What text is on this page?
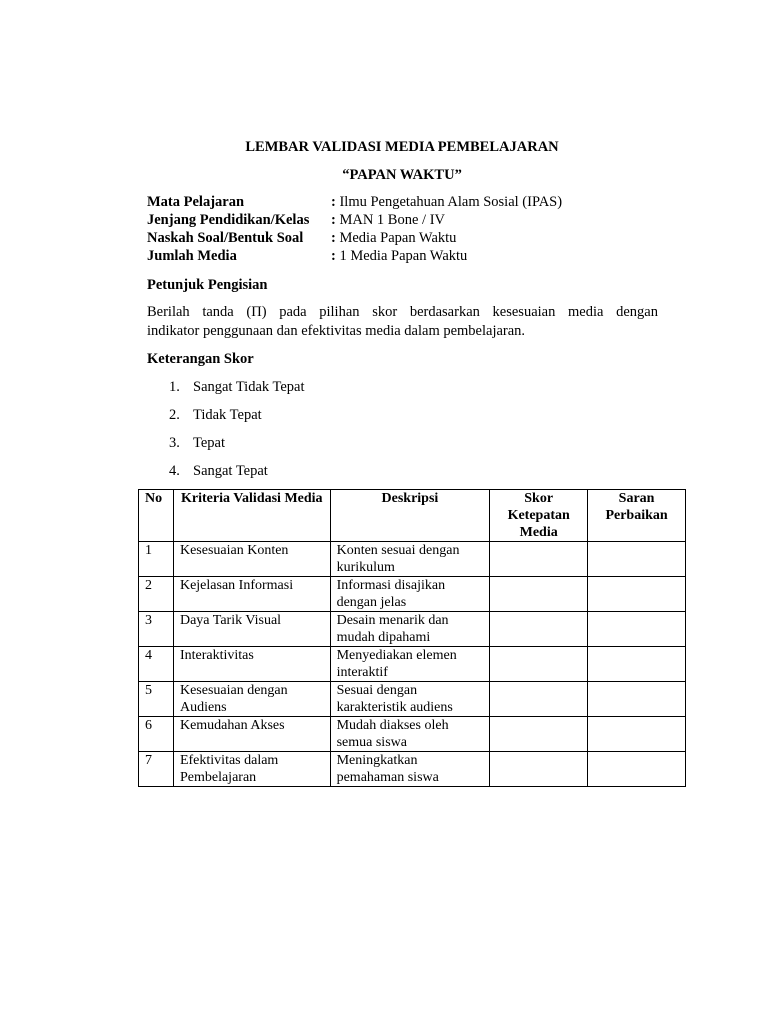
LEMBAR VALIDASI MEDIA PEMBELAJARAN
“PAPAN WAKTU”
Mata Pelajaran	: Ilmu Pengetahuan Alam Sosial (IPAS)
Jenjang Pendidikan/Kelas : MAN 1 Bone / IV
Naskah Soal/Bentuk Soal : Media Papan Waktu
Jumlah Media	: 1 Media Papan Waktu
Petunjuk Pengisian
Berilah tanda (Π) pada pilihan skor berdasarkan kesesuaian media dengan
indikator penggunaan dan efektivitas media dalam pembelajaran.
Keterangan Skor
1. Sangat Tidak Tepat
2. Tidak Tepat
3. Tepat
4. Sangat Tepat
No	Kriteria Validasi Media	Deskripsi	Skor Ketepatan Media	Saran Perbaikan
1	Kesesuaian Konten	Konten sesuai dengan kurikulum		
2	Kejelasan Informasi	Informasi disajikan dengan jelas		
3	Daya Tarik Visual	Desain menarik dan mudah dipahami		
4	Interaktivitas	Menyediakan elemen interaktif		
5	Kesesuaian dengan Audiens	Sesuai dengan karakteristik audiens		
6	Kemudahan Akses	Mudah diakses oleh semua siswa		
7	Efektivitas dalam Pembelajaran	Meningkatkan pemahaman siswa		
